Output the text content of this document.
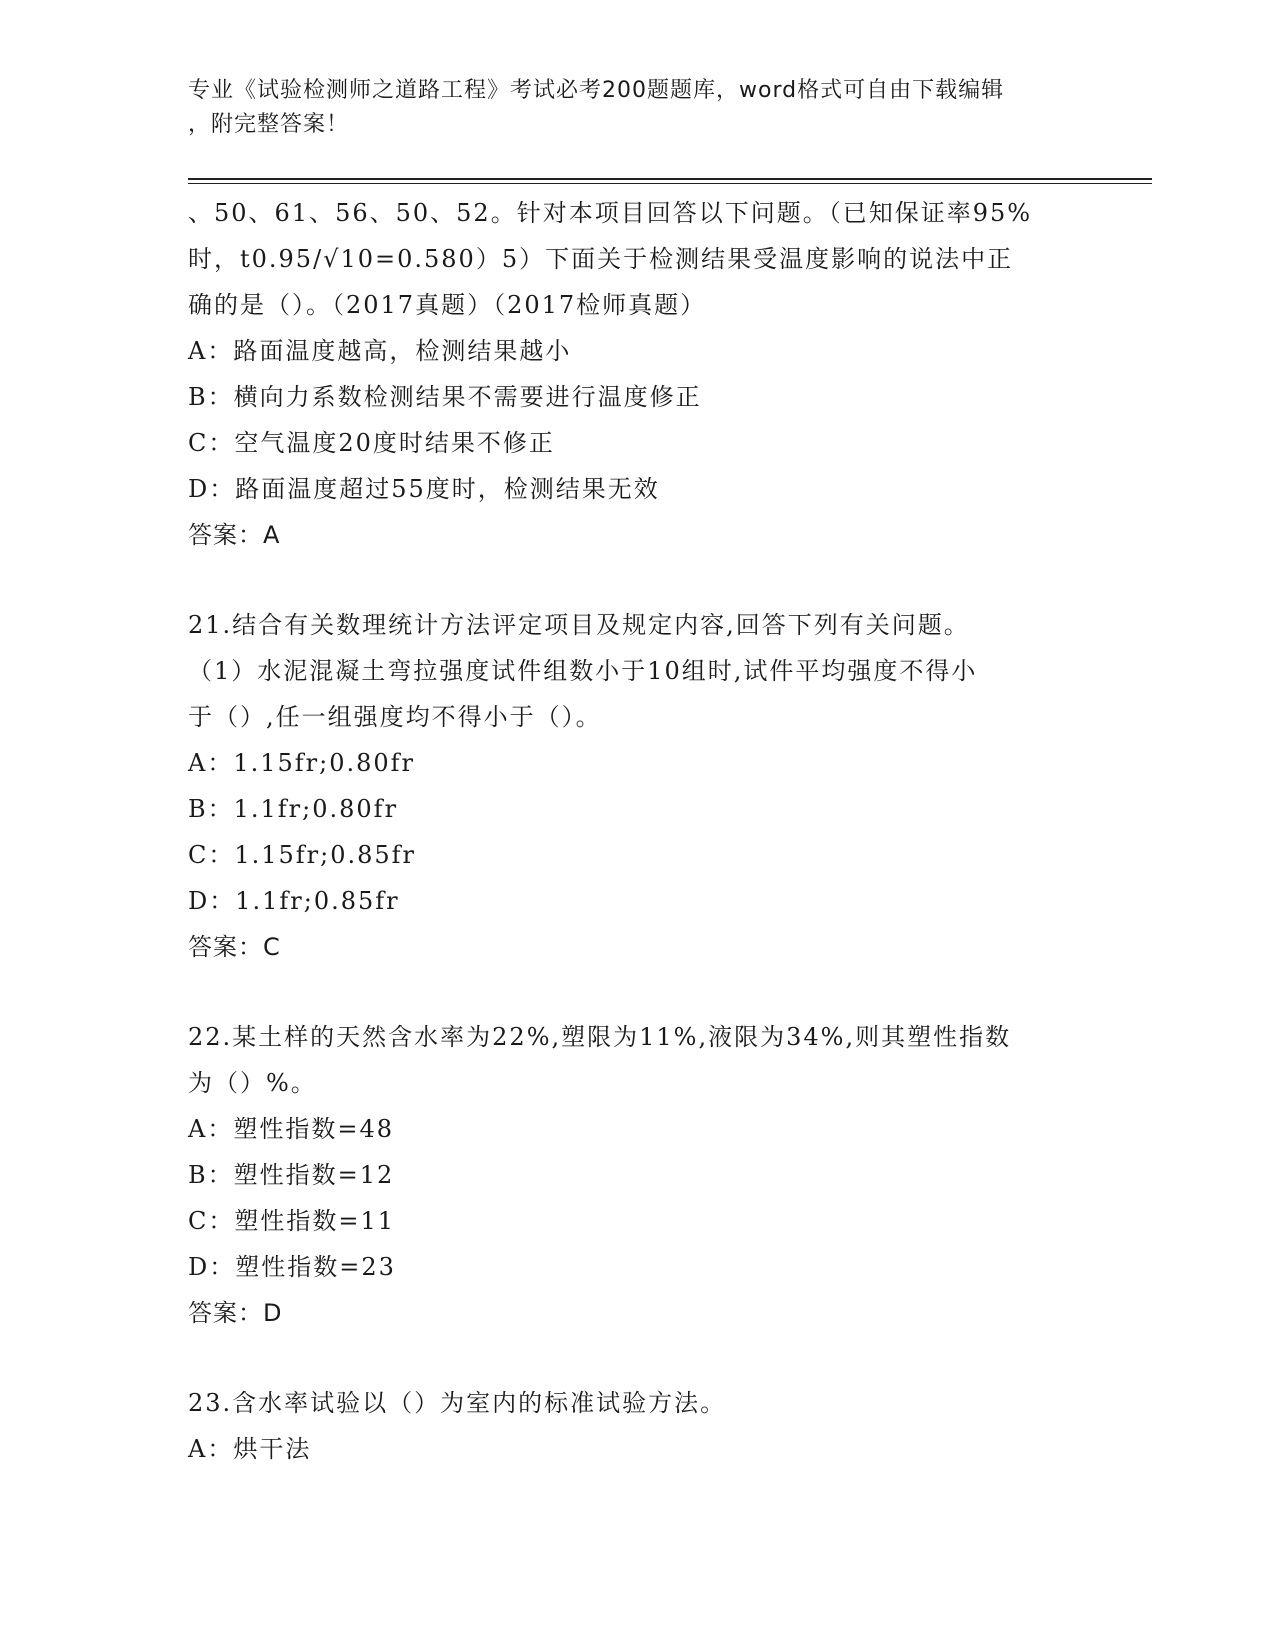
专业《试验检测师之道路工程》考试必考200题题库，word格式可自由下载编辑
，附完整答案！
、50、61、56、50、52。针对本项目回答以下问题。（已知保证率95%
时，t0.95/√10=0.580）5）下面关于检测结果受温度影响的说法中正
确的是（）。（2017真题）（2017检师真题）
A：路面温度越高，检测结果越小
B：横向力系数检测结果不需要进行温度修正
C：空气温度20度时结果不修正
D：路面温度超过55度时，检测结果无效
答案：A
21.结合有关数理统计方法评定项目及规定内容,回答下列有关问题。
（1）水泥混凝土弯拉强度试件组数小于10组时,试件平均强度不得小
于（）,任一组强度均不得小于（）。
A：1.15fr;0.80fr
B：1.1fr;0.80fr
C：1.15fr;0.85fr
D：1.1fr;0.85fr
答案：C
22.某土样的天然含水率为22%,塑限为11%,液限为34%,则其塑性指数
为（）%。
A：塑性指数=48
B：塑性指数=12
C：塑性指数=11
D：塑性指数=23
答案：D
23.含水率试验以（）为室内的标准试验方法。
A：烘干法
